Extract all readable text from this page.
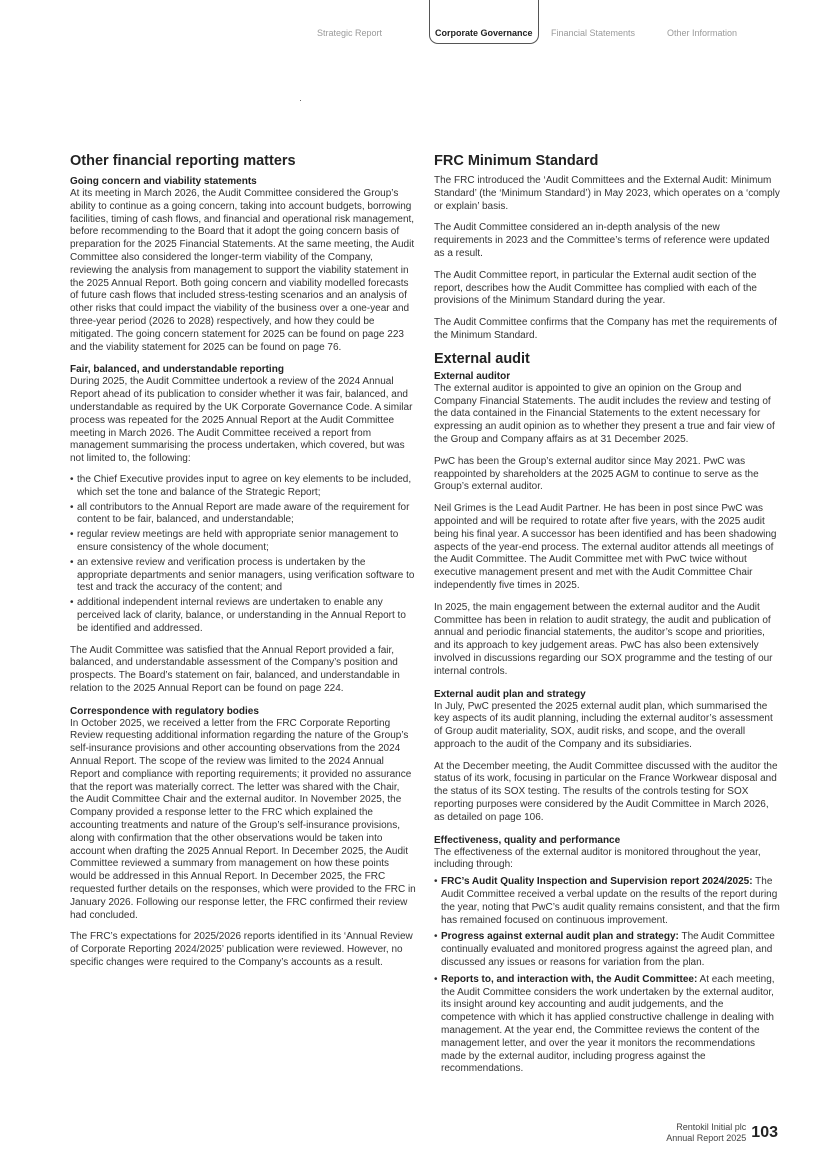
Strategic Report	Corporate Governance	Financial Statements	Other Information
Other financial reporting matters
Going concern and viability statements

At its meeting in March 2026, the Audit Committee considered the Group’s ability to continue as a going concern, taking into account budgets, borrowing facilities, timing of cash flows, and financial and operational risk management, before recommending to the Board that it adopt the going concern basis of preparation for the 2025 Financial Statements. At the same meeting, the Audit Committee also considered the longer-term viability of the Company, reviewing the analysis from management to support the viability statement in the 2025 Annual Report. Both going concern and viability modelled forecasts of future cash flows that included stress-testing scenarios and an analysis of other risks that could impact the viability of the business over a one-year and three-year period (2026 to 2028) respectively, and how they could be mitigated. The going concern statement for 2025 can be found on page 223 and the viability statement for 2025 can be found on page 76.

Fair, balanced, and understandable reporting

During 2025, the Audit Committee undertook a review of the 2024 Annual Report ahead of its publication to consider whether it was fair, balanced, and understandable as required by the UK Corporate Governance Code. A similar process was repeated for the 2025 Annual Report at the Audit Committee meeting in March 2026. The Audit Committee received a report from management summarising the process undertaken, which covered, but was not limited to, the following:

• the Chief Executive provides input to agree on key elements to be included, which set the tone and balance of the Strategic Report;
• all contributors to the Annual Report are made aware of the requirement for content to be fair, balanced, and understandable;
• regular review meetings are held with appropriate senior management to ensure consistency of the whole document;
• an extensive review and verification process is undertaken by the appropriate departments and senior managers, using verification software to test and track the accuracy of the content; and
• additional independent internal reviews are undertaken to enable any perceived lack of clarity, balance, or understanding in the Annual Report to be identified and addressed.

The Audit Committee was satisfied that the Annual Report provided a fair, balanced, and understandable assessment of the Company’s position and prospects. The Board’s statement on fair, balanced, and understandable in relation to the 2025 Annual Report can be found on page 224.

Correspondence with regulatory bodies

In October 2025, we received a letter from the FRC Corporate Reporting Review requesting additional information regarding the nature of the Group’s self-insurance provisions and other accounting observations from the 2024 Annual Report. The scope of the review was limited to the 2024 Annual Report and compliance with reporting requirements; it provided no assurance that the report was materially correct. The letter was shared with the Chair, the Audit Committee Chair and the external auditor. In November 2025, the Company provided a response letter to the FRC which explained the accounting treatments and nature of the Group’s self-insurance provisions, along with confirmation that the other observations would be taken into account when drafting the 2025 Annual Report. In December 2025, the Audit Committee reviewed a summary from management on how these points would be addressed in this Annual Report. In December 2025, the FRC requested further details on the responses, which were provided to the FRC in January 2026. Following our response letter, the FRC confirmed their review had concluded.

The FRC’s expectations for 2025/2026 reports identified in its ‘Annual Review of Corporate Reporting 2024/2025’ publication were reviewed. However, no specific changes were required to the Company’s accounts as a result.

FRC Minimum Standard

The FRC introduced the ‘Audit Committees and the External Audit: Minimum Standard’ (the ‘Minimum Standard’) in May 2023, which operates on a ‘comply or explain’ basis.

The Audit Committee considered an in-depth analysis of the new requirements in 2023 and the Committee’s terms of reference were updated as a result.

The Audit Committee report, in particular the External audit section of the report, describes how the Audit Committee has complied with each of the provisions of the Minimum Standard during the year.

The Audit Committee confirms that the Company has met the requirements of the Minimum Standard.

External audit
External auditor

The external auditor is appointed to give an opinion on the Group and Company Financial Statements. The audit includes the review and testing of the data contained in the Financial Statements to the extent necessary for expressing an audit opinion as to whether they present a true and fair view of the Group and Company affairs as at 31 December 2025.

PwC has been the Group’s external auditor since May 2021. PwC was reappointed by shareholders at the 2025 AGM to continue to serve as the Group’s external auditor.

Neil Grimes is the Lead Audit Partner. He has been in post since PwC was appointed and will be required to rotate after five years, with the 2025 audit being his final year. A successor has been identified and has been shadowing aspects of the year-end process. The external auditor attends all meetings of the Audit Committee. The Audit Committee met with PwC twice without executive management present and met with the Audit Committee Chair independently five times in 2025.

In 2025, the main engagement between the external auditor and the Audit Committee has been in relation to audit strategy, the audit and publication of annual and periodic financial statements, the auditor’s scope and priorities, and its approach to key judgement areas. PwC has also been extensively involved in discussions regarding our SOX programme and the testing of our internal controls.

External audit plan and strategy

In July, PwC presented the 2025 external audit plan, which summarised the key aspects of its audit planning, including the external auditor’s assessment of Group audit materiality, SOX, audit risks, and scope, and the overall approach to the audit of the Company and its subsidiaries.

At the December meeting, the Audit Committee discussed with the auditor the status of its work, focusing in particular on the France Workwear disposal and the status of its SOX testing. The results of the controls testing for SOX reporting purposes were considered by the Audit Committee in March 2026, as detailed on page 106.

Effectiveness, quality and performance

The effectiveness of the external auditor is monitored throughout the year, including through:

• FRC’s Audit Quality Inspection and Supervision report 2024/2025: The Audit Committee received a verbal update on the results of the report during the year, noting that PwC’s audit quality remains consistent, and that the firm has remained focused on continuous improvement.
• Progress against external audit plan and strategy: The Audit Committee continually evaluated and monitored progress against the agreed plan, and discussed any issues or reasons for variation from the plan.
• Reports to, and interaction with, the Audit Committee: At each meeting, the Audit Committee considers the work undertaken by the external auditor, its insight around key accounting and audit judgements, and the competence with which it has applied constructive challenge in dealing with management. At the year end, the Committee reviews the content of the management letter, and over the year it monitors the recommendations made by the external auditor, including progress against the recommendations.
Rentokil Initial plc
Annual Report 2025 103
